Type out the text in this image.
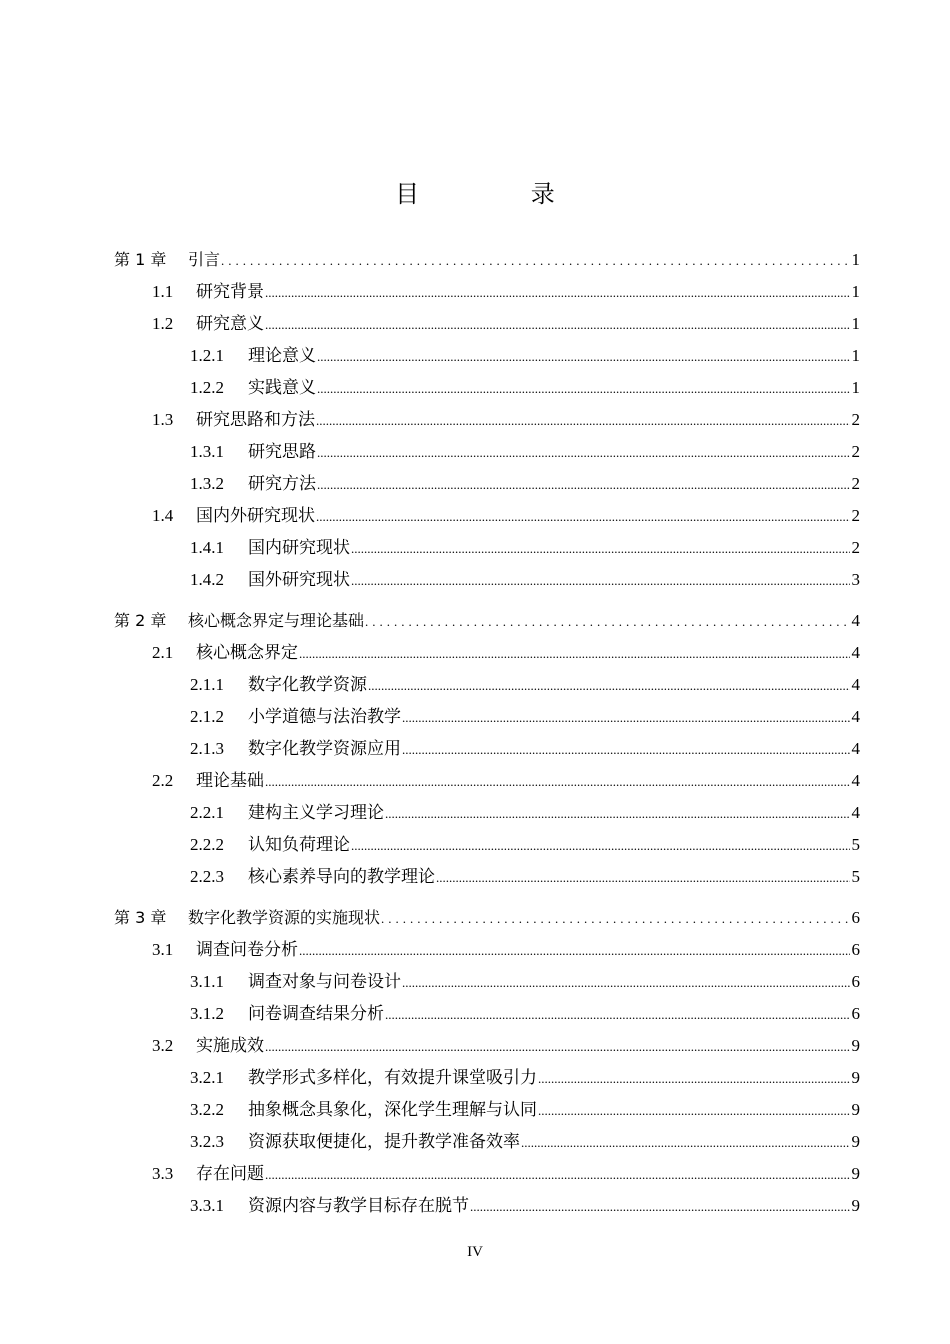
目 录
第 1 章	引言 .....	1
1.1	研究背景 .....	1
1.2	研究意义 .....	1
1.2.1	理论意义 .....	1
1.2.2	实践意义 .....	1
1.3	研究思路和方法 .....	2
1.3.1	研究思路 .....	2
1.3.2	研究方法 .....	2
1.4	国内外研究现状 .....	2
1.4.1	国内研究现状 .....	2
1.4.2	国外研究现状 .....	3
第 2 章	核心概念界定与理论基础 .....	4
2.1	核心概念界定 .....	4
2.1.1	数字化教学资源 .....	4
2.1.2	小学道德与法治教学 .....	4
2.1.3	数字化教学资源应用 .....	4
2.2	理论基础 .....	4
2.2.1	建构主义学习理论 .....	4
2.2.2	认知负荷理论 .....	5
2.2.3	核心素养导向的教学理论 .....	5
第 3 章	数字化教学资源的实施现状 .....	6
3.1	调查问卷分析 .....	6
3.1.1	调查对象与问卷设计 .....	6
3.1.2	问卷调查结果分析 .....	6
3.2	实施成效 .....	9
3.2.1	教学形式多样化，有效提升课堂吸引力 .....	9
3.2.2	抽象概念具象化，深化学生理解与认同 .....	9
3.2.3	资源获取便捷化，提升教学准备效率 .....	9
3.3	存在问题 .....	9
3.3.1	资源内容与教学目标存在脱节 .....	9
IV
